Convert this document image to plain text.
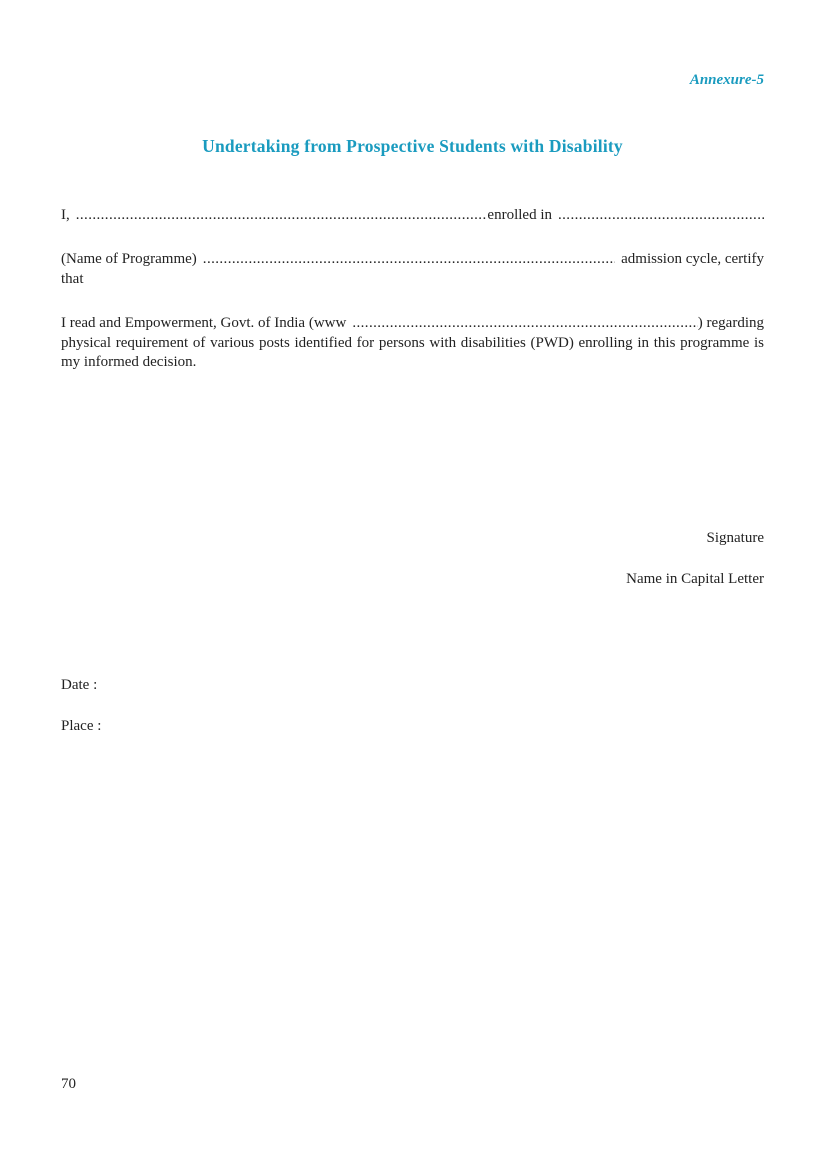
Annexure-5
Undertaking from Prospective Students with Disability
I, .....	enrolled in
.....
(Name of Programme) .....	admission cycle, certify
that
I read and Empowerment, Govt. of India (www .....	) regarding
physical requirement of various posts identified for persons with disabilities (PWD) enrolling in this programme is my informed decision.
Signature
Name in Capital Letter
Date :
Place :
70
